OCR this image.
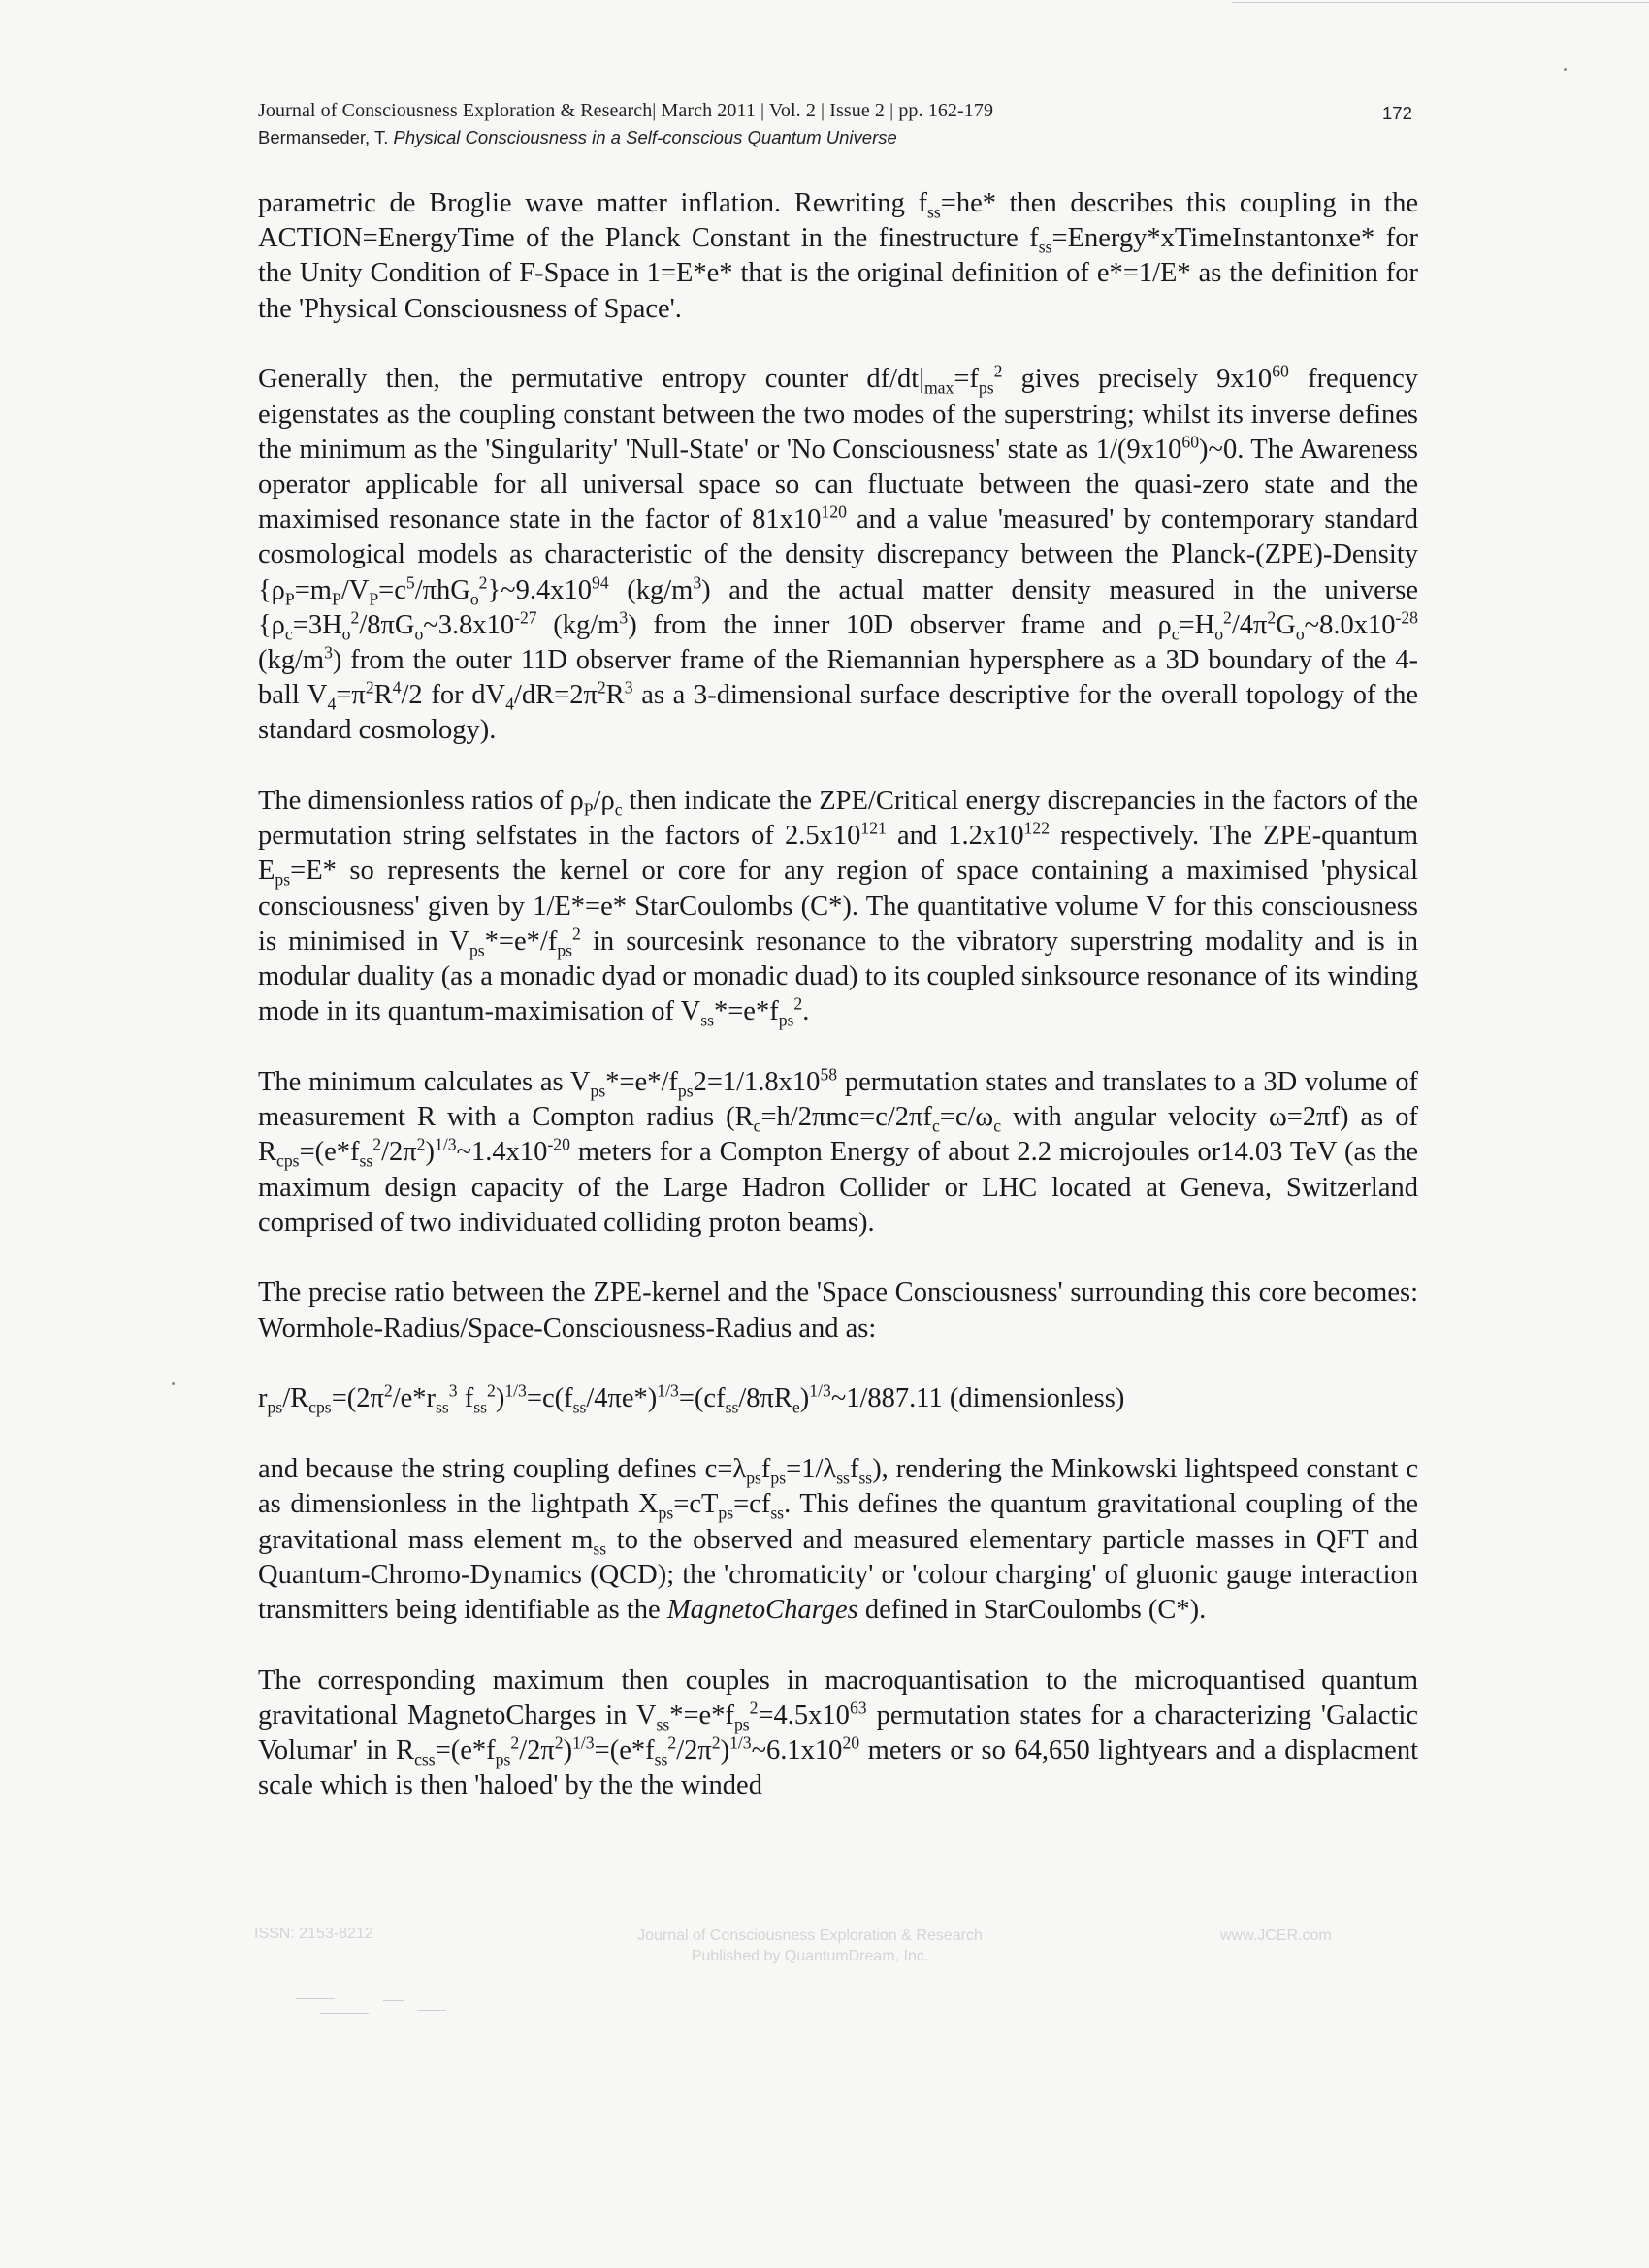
Journal of Consciousness Exploration & Research| March 2011 | Vol. 2 | Issue 2 | pp. 162-179
Bermanseder, T. Physical Consciousness in a Self-conscious Quantum Universe
172

parametric de Broglie wave matter inflation. Rewriting $f_{ss}=he*$ then describes this coupling in the ACTION=EnergyTime of the Planck Constant in the finestructure $f_{ss}=Energy*xTimeInstantonxe*$ for the Unity Condition of F-Space in 1=E*e* that is the original definition of e*=1/E* as the definition for the 'Physical Consciousness of Space'.

Generally then, the permutative entropy counter $df/dt|_{max}=f_{ps}^2$ gives precisely $9x10^{60}$ frequency eigenstates as the coupling constant between the two modes of the superstring; whilst its inverse defines the minimum as the 'Singularity' 'Null-State' or 'No Consciousness' state as $1/(9x10^{60})\sim 0$. The Awareness operator applicable for all universal space so can fluctuate between the quasi-zero state and the maximised resonance state in the factor of $81x10^{120}$ and a value 'measured' by contemporary standard cosmological models as characteristic of the density discrepancy between the Planck-(ZPE)-Density $\{\rho_P=m_P/V_P=c^5/\pi hG_o^2\}\sim 9.4x10^{94}$ $(kg/m^3)$ and the actual matter density measured in the universe {$\rho_c=3H_o^2/8\pi G_o\sim 3.8x10^{-27}$ $(kg/m^3)$ from the inner 10D observer frame and $\rho_c=H_o^2/4\pi^2G_o\sim 8.0x10^{-28}$ $(kg/m^3)$ from the outer 11D observer frame of the Riemannian hypersphere as a 3D boundary of the 4-ball $V_4=\pi^2R^4/2$ for $dV_4/dR=2\pi^2R^3$ as a 3-dimensional surface descriptive for the overall topology of the standard cosmology).

The dimensionless ratios of $\rho_P/\rho_c$ then indicate the ZPE/Critical energy discrepancies in the factors of the permutation string selfstates in the factors of $2.5x10^{121}$ and $1.2x10^{122}$ respectively. The ZPE-quantum $E_{ps}=E*$ so represents the kernel or core for any region of space containing a maximised 'physical consciousness' given by 1/E*=e* StarCoulombs (C*). The quantitative volume V for this consciousness is minimised in $V_{ps}*=e*/f_{ps}^2$ in sourcesink resonance to the vibratory superstring modality and is in modular duality (as a monadic dyad or monadic duad) to its coupled sinksource resonance of its winding mode in its quantum-maximisation of $V_{ss}*=e*f_{ps}^2$.

The minimum calculates as $V_{ps}*=e*/f_{ps}2=1/1.8x10^{58}$ permutation states and translates to a 3D volume of measurement R with a Compton radius ($R_c=h/2\pi mc=c/2\pi f_c=c/\omega_c$ with angular velocity ω=2πf) as of $R_{cps}=(e*f_{ss}^2/2\pi^2)^{1/3}\sim 1.4x10^{-20}$ meters for a Compton Energy of about 2.2 microjoules or14.03 TeV (as the maximum design capacity of the Large Hadron Collider or LHC located at Geneva, Switzerland comprised of two individuated colliding proton beams).

The precise ratio between the ZPE-kernel and the 'Space Consciousness' surrounding this core becomes: Wormhole-Radius/Space-Consciousness-Radius and as:

$r_{ps}/R_{cps}=(2\pi^2/e*r_{ss}^3$ $f_{ss}^2)^{1/3}=c(f_{ss}/4\pi e*)^{1/3}=(cf_{ss}/8\pi R_e)^{1/3}\sim 1/887.11$ (dimensionless)

and because the string coupling defines $c=\lambda_{ps}f_{ps}=1/\lambda_{ss}f_{ss}$), rendering the Minkowski lightspeed constant c as dimensionless in the lightpath $X_{ps}=cT_{ps}=cf_{ss}$. This defines the quantum gravitational coupling of the gravitational mass element $m_{ss}$ to the observed and measured elementary particle masses in QFT and Quantum-Chromo-Dynamics (QCD); the 'chromaticity' or 'colour charging' of gluonic gauge interaction transmitters being identifiable as the MagnetoCharges defined in StarCoulombs (C*).

The corresponding maximum then couples in macroquantisation to the microquantised quantum gravitational MagnetoCharges in $V_{ss}*=e*f_{ps}^2=4.5x10^{63}$ permutation states for a characterizing 'Galactic Volumar' in $R_{css}=(e*f_{ps}^2/2\pi^2)^{1/3}=(e*f_{ss}^2/2\pi^2)^{1/3}\sim 6.1x10^{20}$ meters or so 64,650 lightyears and a displacment scale which is then 'haloed' by the the winded

ISSN: 2153-8212	Journal of Consciousness Exploration & Research
Published by QuantumDream, Inc.
www.JCER.com
